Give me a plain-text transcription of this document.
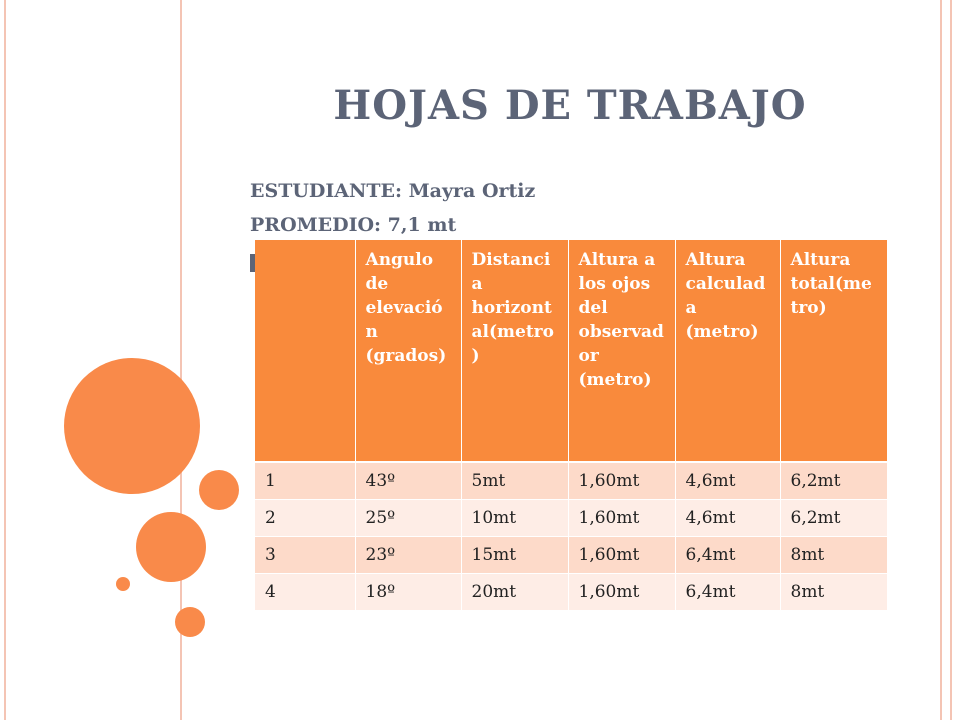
HOJAS DE TRABAJO
ESTUDIANTE: Mayra Ortiz
PROMEDIO: 7,1 mt
	Angulo de elevación (grados)	Distancia horizontal(metro)	Altura a los ojos del observador (metro)	Altura calculada (metro)	Altura total(metro)
1	43º	5mt	1,60mt	4,6mt	6,2mt
2	25º	10mt	1,60mt	4,6mt	6,2mt
3	23º	15mt	1,60mt	6,4mt	8mt
4	18º	20mt	1,60mt	6,4mt	8mt
